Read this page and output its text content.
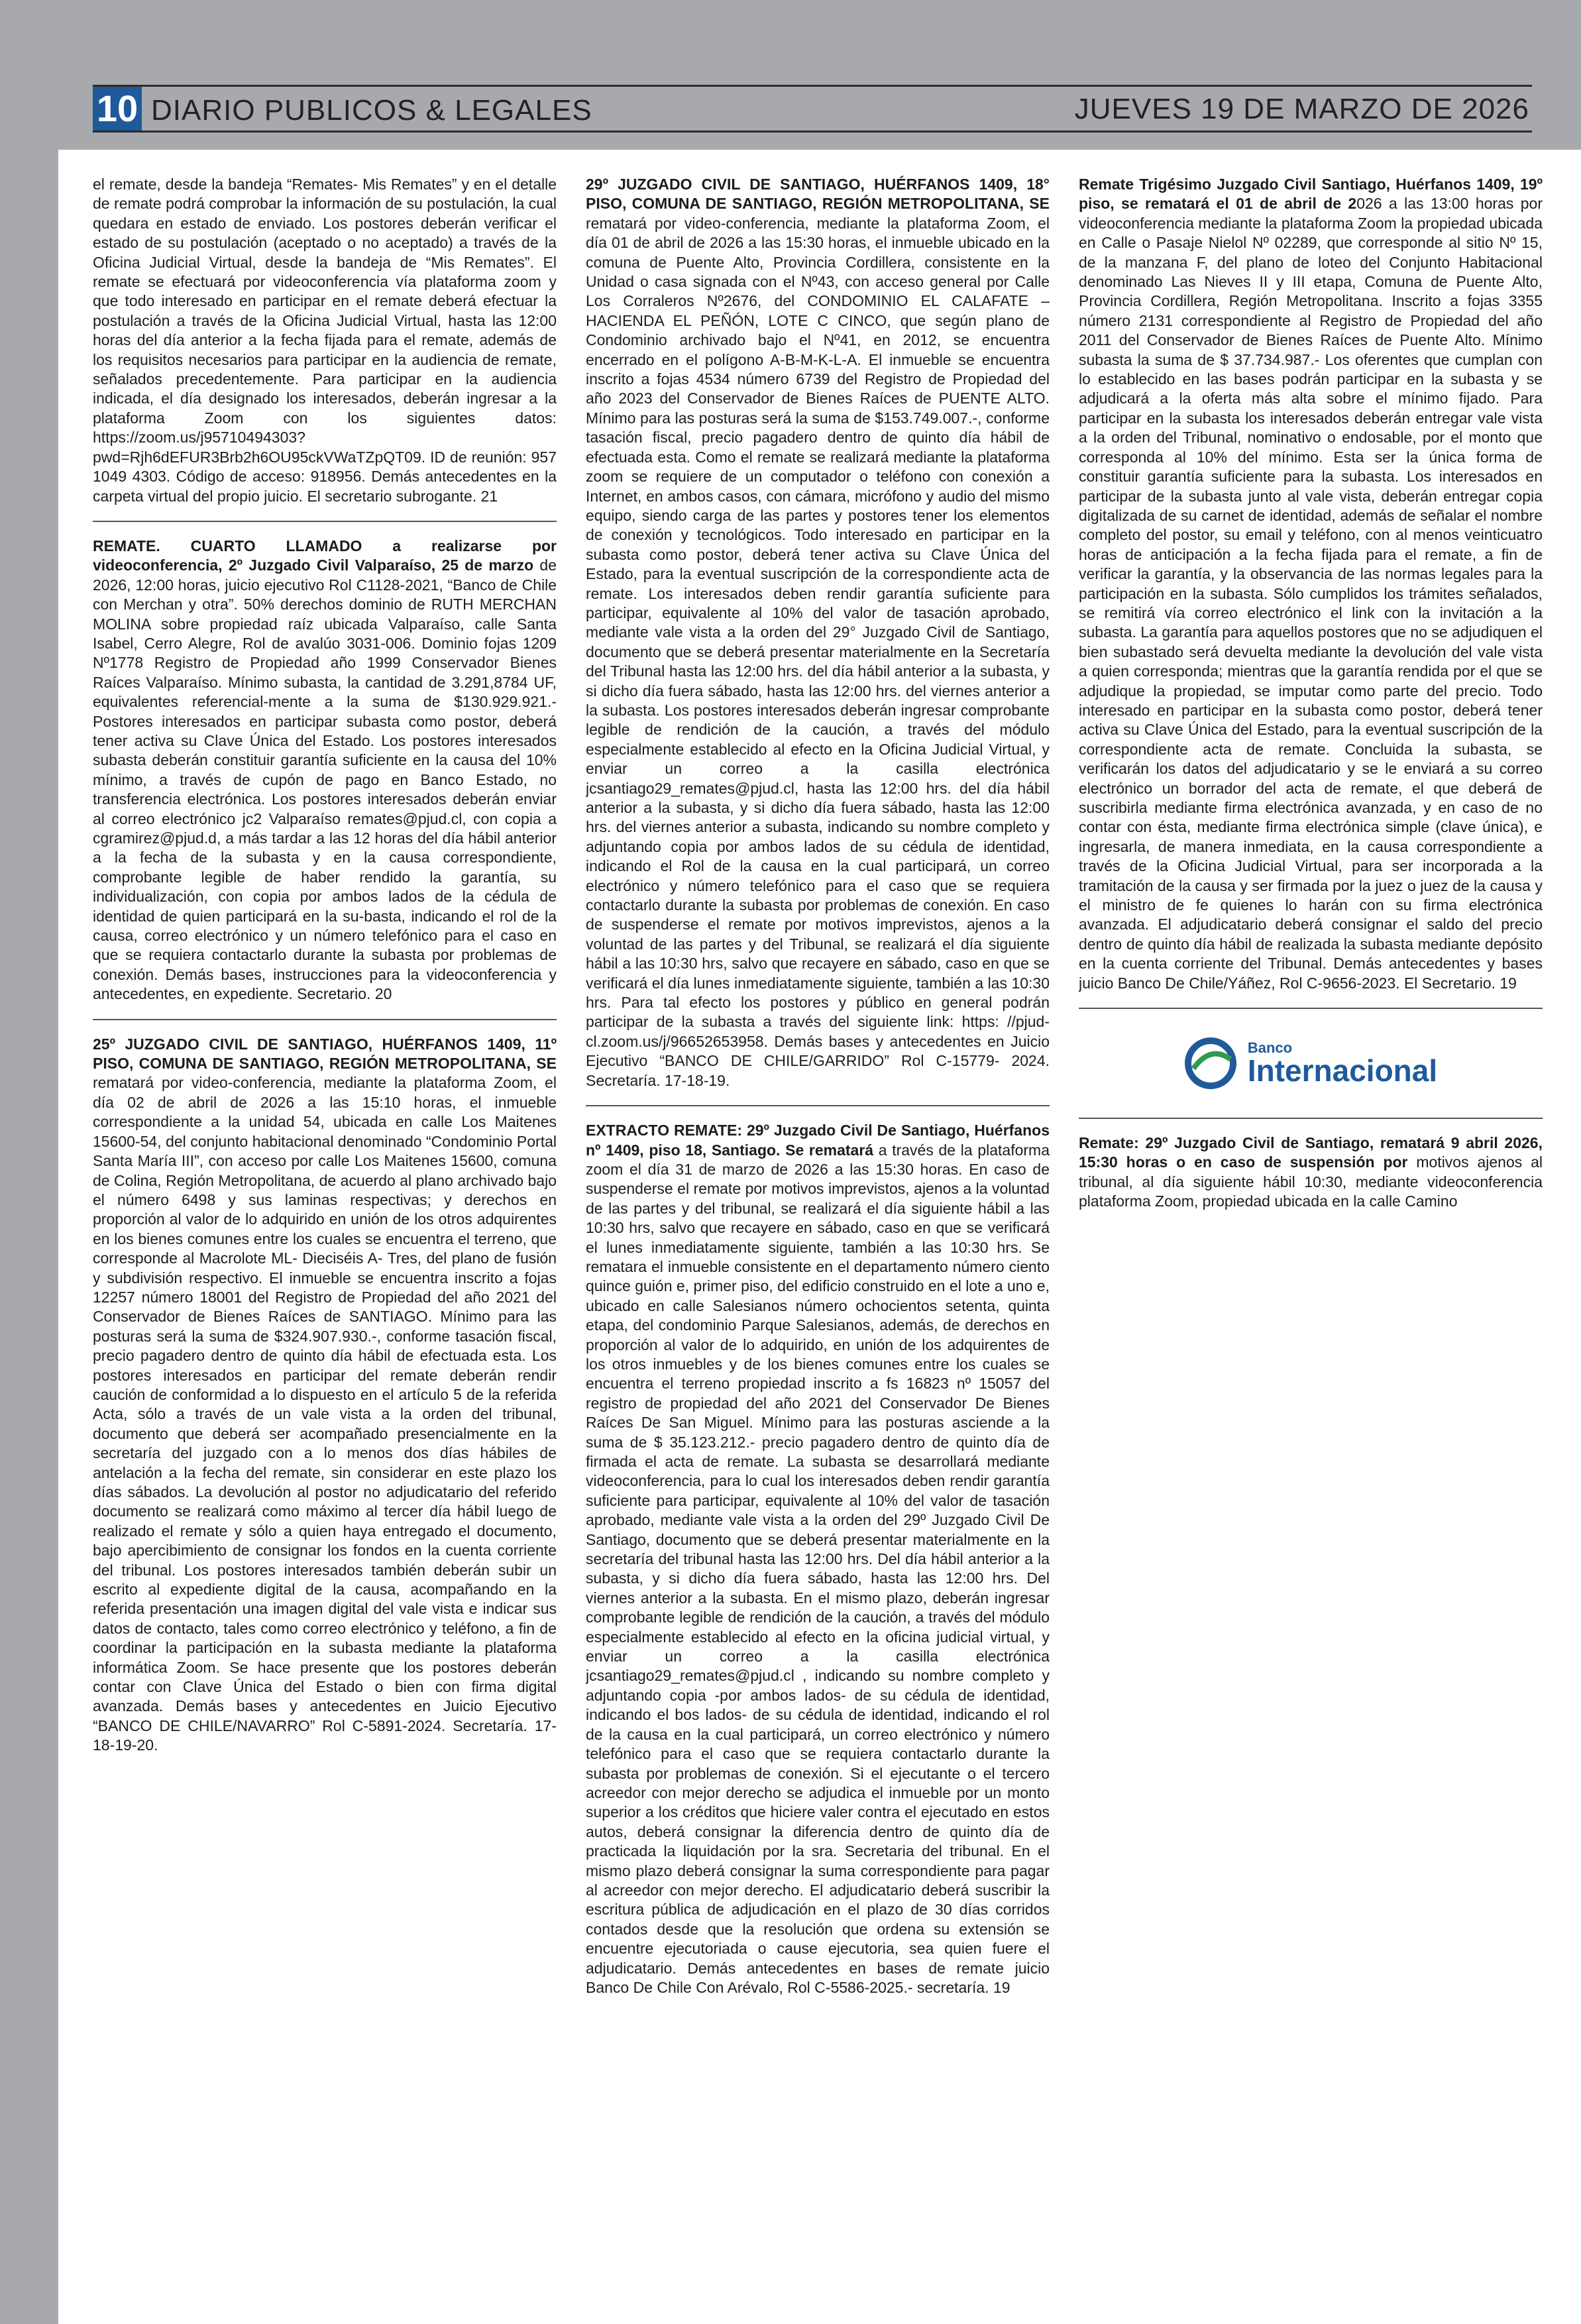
10 DIARIO PUBLICOS & LEGALES	JUEVES 19 DE MARZO DE 2026

el remate, desde la bandeja “Remates- Mis Remates” y en el detalle de remate podrá comprobar la información de su postulación, la cual quedara en estado de enviado. Los postores deberán verificar el estado de su postulación (aceptado o no aceptado) a través de la Oficina Judicial Virtual, desde la bandeja de “Mis Remates”. El remate se efectuará por videoconferencia vía plataforma zoom y que todo interesado en participar en el remate deberá efectuar la postulación a través de la Oficina Judicial Virtual, hasta las 12:00 horas del día anterior a la fecha fijada para el remate, además de los requisitos necesarios para participar en la audiencia de remate, señalados precedentemente. Para participar en la audiencia indicada, el día designado los interesados, deberán ingresar a la plataforma Zoom con los siguientes datos: https://zoom.us/j95710494303?pwd=Rjh6dEFUR3Brb2h6OU95ckVWaTZpQT09. ID de reunión: 957 1049 4303. Código de acceso: 918956. Demás antecedentes en la carpeta virtual del propio juicio. El secretario subrogante. 21

REMATE. CUARTO LLAMADO a realizarse por videoconferencia, 2º Juzgado Civil Valparaíso, 25 de marzo de 2026, 12:00 horas, juicio ejecutivo Rol C1128-2021, “Banco de Chile con Merchan y otra”. 50% derechos dominio de RUTH MERCHAN MOLINA sobre propiedad raíz ubicada Valparaíso, calle Santa Isabel, Cerro Alegre, Rol de avalúo 3031-006. Dominio fojas 1209 Nº1778 Registro de Propiedad año 1999 Conservador Bienes Raíces Valparaíso. Mínimo subasta, la cantidad de 3.291,8784 UF, equivalentes referencial-mente a la suma de $130.929.921.- Postores interesados en participar subasta como postor, deberá tener activa su Clave Única del Estado. Los postores interesados subasta deberán constituir garantía suficiente en la causa del 10% mínimo, a través de cupón de pago en Banco Estado, no transferencia electrónica. Los postores interesados deberán enviar al correo electrónico jc2 Valparaíso remates@pjud.cl, con copia a cgramirez@pjud.d, a más tardar a las 12 horas del día hábil anterior a la fecha de la subasta y en la causa correspondiente, comprobante legible de haber rendido la garantía, su individualización, con copia por ambos lados de la cédula de identidad de quien participará en la su-basta, indicando el rol de la causa, correo electrónico y un número telefónico para el caso en que se requiera contactarlo durante la subasta por problemas de conexión. Demás bases, instrucciones para la videoconferencia y antecedentes, en expediente. Secretario. 20

25º JUZGADO CIVIL DE SANTIAGO, HUÉRFANOS 1409, 11º PISO, COMUNA DE SANTIAGO, REGIÓN METROPOLITANA, SE rematará por video-conferencia, mediante la plataforma Zoom, el día 02 de abril de 2026 a las 15:10 horas, el inmueble correspondiente a la unidad 54, ubicada en calle Los Maitenes 15600-54, del conjunto habitacional denominado “Condominio Portal Santa María III”, con acceso por calle Los Maitenes 15600, comuna de Colina, Región Metropolitana, de acuerdo al plano archivado bajo el número 6498 y sus laminas respectivas; y derechos en proporción al valor de lo adquirido en unión de los otros adquirentes en los bienes comunes entre los cuales se encuentra el terreno, que corresponde al Macrolote ML- Dieciséis A- Tres, del plano de fusión y subdivisión respectivo. El inmueble se encuentra inscrito a fojas 12257 número 18001 del Registro de Propiedad del año 2021 del Conservador de Bienes Raíces de SANTIAGO. Mínimo para las posturas será la suma de $324.907.930.-, conforme tasación fiscal, precio pagadero dentro de quinto día hábil de efectuada esta. Los postores interesados en participar del remate deberán rendir caución de conformidad a lo dispuesto en el artículo 5 de la referida Acta, sólo a través de un vale vista a la orden del tribunal, documento que deberá ser acompañado presencialmente en la secretaría del juzgado con a lo menos dos días hábiles de antelación a la fecha del remate, sin considerar en este plazo los días sábados. La devolución al postor no adjudicatario del referido documento se realizará como máximo al tercer día hábil luego de realizado el remate y sólo a quien haya entregado el documento, bajo apercibimiento de consignar los fondos en la cuenta corriente del tribunal. Los postores interesados también deberán subir un escrito al expediente digital de la causa, acompañando en la referida presentación una imagen digital del vale vista e indicar sus datos de contacto, tales como correo electrónico y teléfono, a fin de coordinar la participación en la subasta mediante la plataforma informática Zoom. Se hace presente que los postores deberán contar con Clave Única del Estado o bien con firma digital avanzada. Demás bases y antecedentes en Juicio Ejecutivo “BANCO DE CHILE/NAVARRO” Rol C-5891-2024. Secretaría. 17-18-19-20.

29º JUZGADO CIVIL DE SANTIAGO, HUÉRFANOS 1409, 18° PISO, COMUNA DE SANTIAGO, REGIÓN METROPOLITANA, SE rematará por video-conferencia, mediante la plataforma Zoom, el día 01 de abril de 2026 a las 15:30 horas, el inmueble ubicado en la comuna de Puente Alto, Provincia Cordillera, consistente en la Unidad o casa signada con el Nº43, con acceso general por Calle Los Corraleros Nº2676, del CONDOMINIO EL CALAFATE – HACIENDA EL PEÑÓN, LOTE C CINCO, que según plano de Condominio archivado bajo el Nº41, en 2012, se encuentra encerrado en el polígono A-B-M-K-L-A. El inmueble se encuentra inscrito a fojas 4534 número 6739 del Registro de Propiedad del año 2023 del Conservador de Bienes Raíces de PUENTE ALTO. Mínimo para las posturas será la suma de $153.749.007.-, conforme tasación fiscal, precio pagadero dentro de quinto día hábil de efectuada esta. Como el remate se realizará mediante la plataforma zoom se requiere de un computador o teléfono con conexión a Internet, en ambos casos, con cámara, micrófono y audio del mismo equipo, siendo carga de las partes y postores tener los elementos de conexión y tecnológicos. Todo interesado en participar en la subasta como postor, deberá tener activa su Clave Única del Estado, para la eventual suscripción de la correspondiente acta de remate. Los interesados deben rendir garantía suficiente para participar, equivalente al 10% del valor de tasación aprobado, mediante vale vista a la orden del 29° Juzgado Civil de Santiago, documento que se deberá presentar materialmente en la Secretaría del Tribunal hasta las 12:00 hrs. del día hábil anterior a la subasta, y si dicho día fuera sábado, hasta las 12:00 hrs. del viernes anterior a la subasta. Los postores interesados deberán ingresar comprobante legible de rendición de la caución, a través del módulo especialmente establecido al efecto en la Oficina Judicial Virtual, y enviar un correo a la casilla electrónica jcsantiago29_remates@pjud.cl, hasta las 12:00 hrs. del día hábil anterior a la subasta, y si dicho día fuera sábado, hasta las 12:00 hrs. del viernes anterior a subasta, indicando su nombre completo y adjuntando copia por ambos lados de su cédula de identidad, indicando el Rol de la causa en la cual participará, un correo electrónico y número telefónico para el caso que se requiera contactarlo durante la subasta por problemas de conexión. En caso de suspenderse el remate por motivos imprevistos, ajenos a la voluntad de las partes y del Tribunal, se realizará el día siguiente hábil a las 10:30 hrs, salvo que recayere en sábado, caso en que se verificará el día lunes inmediatamente siguiente, también a las 10:30 hrs. Para tal efecto los postores y público en general podrán participar de la subasta a través del siguiente link: https: //pjud-cl.zoom.us/j/96652653958. Demás bases y antecedentes en Juicio Ejecutivo “BANCO DE CHILE/GARRIDO” Rol C-15779- 2024. Secretaría. 17-18-19.

EXTRACTO REMATE: 29º Juzgado Civil De Santiago, Huérfanos nº 1409, piso 18, Santiago. Se rematará a través de la plataforma zoom el día 31 de marzo de 2026 a las 15:30 horas. En caso de suspenderse el remate por motivos imprevistos, ajenos a la voluntad de las partes y del tribunal, se realizará el día siguiente hábil a las 10:30 hrs, salvo que recayere en sábado, caso en que se verificará el lunes inmediatamente siguiente, también a las 10:30 hrs. Se rematara el inmueble consistente en el departamento número ciento quince guión e, primer piso, del edificio construido en el lote a uno e, ubicado en calle Salesianos número ochocientos setenta, quinta etapa, del condominio Parque Salesianos, además, de derechos en proporción al valor de lo adquirido, en unión de los adquirentes de los otros inmuebles y de los bienes comunes entre los cuales se encuentra el terreno propiedad inscrito a fs 16823 nº 15057 del registro de propiedad del año 2021 del Conservador De Bienes Raíces De San Miguel. Mínimo para las posturas asciende a la suma de $ 35.123.212.- precio pagadero dentro de quinto día de firmada el acta de remate. La subasta se desarrollará mediante videoconferencia, para lo cual los interesados deben rendir garantía suficiente para participar, equivalente al 10% del valor de tasación aprobado, mediante vale vista a la orden del 29º Juzgado Civil De Santiago, documento que se deberá presentar materialmente en la secretaría del tribunal hasta las 12:00 hrs. Del día hábil anterior a la subasta, y si dicho día fuera sábado, hasta las 12:00 hrs. Del viernes anterior a la subasta. En el mismo plazo, deberán ingresar comprobante legible de rendición de la caución, a través del módulo especialmente establecido al efecto en la oficina judicial virtual, y enviar un correo a la casilla electrónica jcsantiago29_remates@pjud.cl , indicando su nombre completo y adjuntando copia -por ambos lados- de su cédula de identidad, indicando el bos lados- de su cédula de identidad, indicando el rol de la causa en la cual participará, un correo electrónico y número telefónico para el caso que se requiera contactarlo durante la subasta por problemas de conexión. Si el ejecutante o el tercero acreedor con mejor derecho se adjudica el inmueble por un monto superior a los créditos que hiciere valer contra el ejecutado en estos autos, deberá consignar la diferencia dentro de quinto día de practicada la liquidación por la sra. Secretaria del tribunal. En el mismo plazo deberá consignar la suma correspondiente para pagar al acreedor con mejor derecho. El adjudicatario deberá suscribir la escritura pública de adjudicación en el plazo de 30 días corridos contados desde que la resolución que ordena su extensión se encuentre ejecutoriada o cause ejecutoria, sea quien fuere el adjudicatario. Demás antecedentes en bases de remate juicio Banco De Chile Con Arévalo, Rol C-5586-2025.- secretaría. 19

Remate Trigésimo Juzgado Civil Santiago, Huérfanos 1409, 19º piso, se rematará el 01 de abril de 2026 a las 13:00 horas por videoconferencia mediante la plataforma Zoom la propiedad ubicada en Calle o Pasaje Nielol Nº 02289, que corresponde al sitio Nº 15, de la manzana F, del plano de loteo del Conjunto Habitacional denominado Las Nieves II y III etapa, Comuna de Puente Alto, Provincia Cordillera, Región Metropolitana. Inscrito a fojas 3355 número 2131 correspondiente al Registro de Propiedad del año 2011 del Conservador de Bienes Raíces de Puente Alto. Mínimo subasta la suma de $ 37.734.987.- Los oferentes que cumplan con lo establecido en las bases podrán participar en la subasta y se adjudicará a la oferta más alta sobre el mínimo fijado. Para participar en la subasta los interesados deberán entregar vale vista a la orden del Tribunal, nominativo o endosable, por el monto que corresponda al 10% del mínimo. Esta ser la única forma de constituir garantía suficiente para la subasta. Los interesados en participar de la subasta junto al vale vista, deberán entregar copia digitalizada de su carnet de identidad, además de señalar el nombre completo del postor, su email y teléfono, con al menos veinticuatro horas de anticipación a la fecha fijada para el remate, a fin de verificar la garantía, y la observancia de las normas legales para la participación en la subasta. Sólo cumplidos los trámites señalados, se remitirá vía correo electrónico el link con la invitación a la subasta. La garantía para aquellos postores que no se adjudiquen el bien subastado será devuelta mediante la devolución del vale vista a quien corresponda; mientras que la garantía rendida por el que se adjudique la propiedad, se imputar como parte del precio. Todo interesado en participar en la subasta como postor, deberá tener activa su Clave Única del Estado, para la eventual suscripción de la correspondiente acta de remate. Concluida la subasta, se verificarán los datos del adjudicatario y se le enviará a su correo electrónico un borrador del acta de remate, el que deberá de suscribirla mediante firma electrónica avanzada, y en caso de no contar con ésta, mediante firma electrónica simple (clave única), e ingresarla, de manera inmediata, en la causa correspondiente a través de la Oficina Judicial Virtual, para ser incorporada a la tramitación de la causa y ser firmada por la juez o juez de la causa y el ministro de fe quienes lo harán con su firma electrónica avanzada. El adjudicatario deberá consignar el saldo del precio dentro de quinto día hábil de realizada la subasta mediante depósito en la cuenta corriente del Tribunal. Demás antecedentes y bases juicio Banco De Chile/Yáñez, Rol C-9656-2023. El Secretario. 19

Banco
Internacional

Remate: 29º Juzgado Civil de Santiago, rematará 9 abril 2026, 15:30 horas o en caso de suspensión por motivos ajenos al tribunal, al día siguiente hábil 10:30, mediante videoconferencia plataforma Zoom, propiedad ubicada en la calle Camino
